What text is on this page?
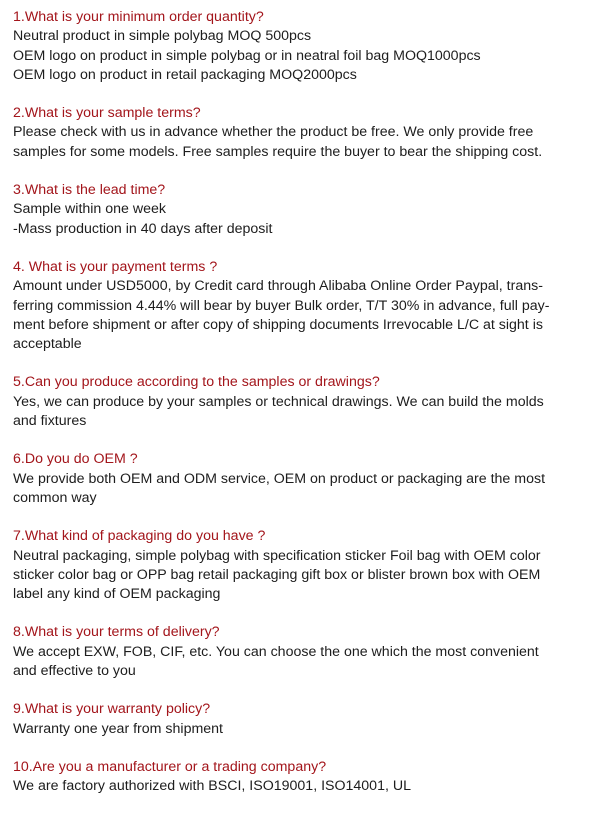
1.What is your minimum order quantity?
Neutral product in simple polybag MOQ 500pcs
OEM logo on product in simple polybag or in neatral foil bag MOQ1000pcs
OEM logo on product in retail packaging MOQ2000pcs
2.What is your sample terms?
Please check with us in advance whether the product be free. We only provide free
samples for some models. Free samples require the buyer to bear the shipping cost.
3.What is the lead time?
Sample within one week
-Mass production in 40 days after deposit
4. What is your payment terms ?
Amount under USD5000, by Credit card through Alibaba Online Order Paypal, trans-
ferring commission 4.44% will bear by buyer Bulk order, T/T 30% in advance, full pay-
ment before shipment or after copy of shipping documents Irrevocable L/C at sight is
acceptable
5.Can you produce according to the samples or drawings?
Yes, we can produce by your samples or technical drawings. We can build the molds
and fixtures
6.Do you do OEM ?
We provide both OEM and ODM service, OEM on product or packaging are the most
common way
7.What kind of packaging do you have ?
Neutral packaging, simple polybag with specification sticker Foil bag with OEM color
sticker color bag or OPP bag retail packaging gift box or blister brown box with OEM
label any kind of OEM packaging
8.What is your terms of delivery?
We accept EXW, FOB, CIF, etc. You can choose the one which the most convenient
and effective to you
9.What is your warranty policy?
Warranty one year from shipment
10.Are you a manufacturer or a trading company?
We are factory authorized with BSCI, ISO19001, ISO14001, UL
